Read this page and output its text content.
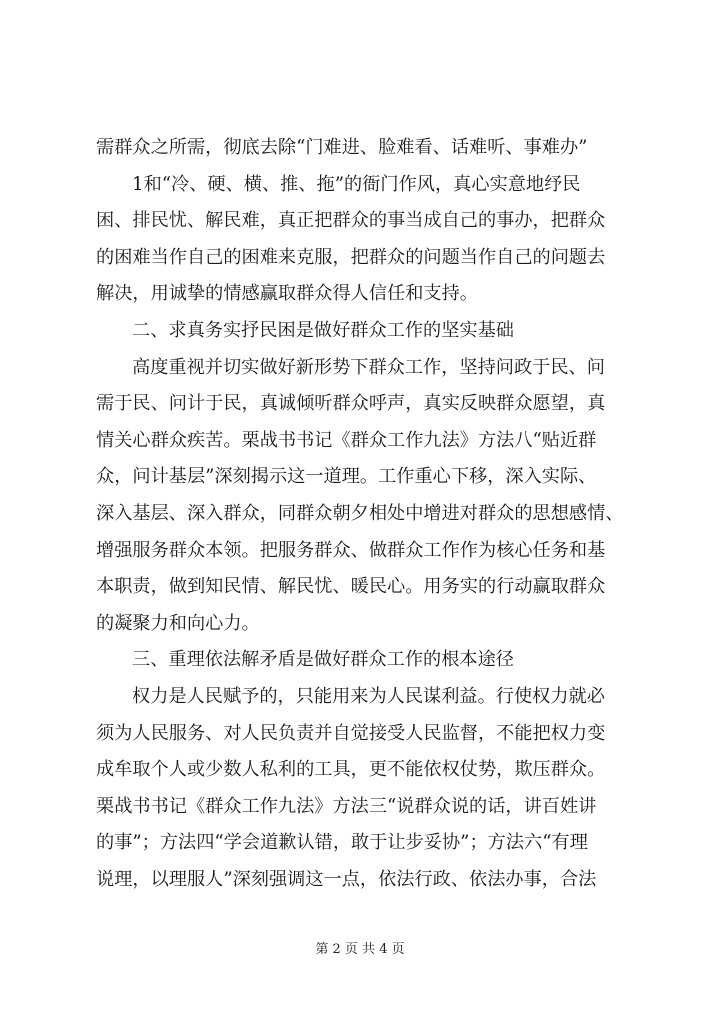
需群众之所需，彻底去除“门难进、脸难看、话难听、事难办”
1和“冷、硬、横、推、拖”的衙门作风，真心实意地纾民
困、排民忧、解民难，真正把群众的事当成自己的事办，把群众
的困难当作自己的困难来克服，把群众的问题当作自己的问题去
解决，用诚挚的情感赢取群众得人信任和支持。
二、求真务实抒民困是做好群众工作的坚实基础
高度重视并切实做好新形势下群众工作，坚持问政于民、问
需于民、问计于民，真诚倾听群众呼声，真实反映群众愿望，真
情关心群众疾苦。栗战书书记《群众工作九法》方法八“贴近群
众，问计基层”深刻揭示这一道理。工作重心下移，深入实际、
深入基层、深入群众，同群众朝夕相处中增进对群众的思想感情、
增强服务群众本领。把服务群众、做群众工作作为核心任务和基
本职责，做到知民情、解民忧、暖民心。用务实的行动赢取群众
的凝聚力和向心力。
三、重理依法解矛盾是做好群众工作的根本途径
权力是人民赋予的，只能用来为人民谋利益。行使权力就必
须为人民服务、对人民负责并自觉接受人民监督，不能把权力变
成牟取个人或少数人私利的工具，更不能依权仗势，欺压群众。
栗战书书记《群众工作九法》方法三“说群众说的话，讲百姓讲
的事”；方法四“学会道歉认错，敢于让步妥协”；方法六“有理
说理，以理服人”深刻强调这一点，依法行政、依法办事，合法
第 2 页 共 4 页
